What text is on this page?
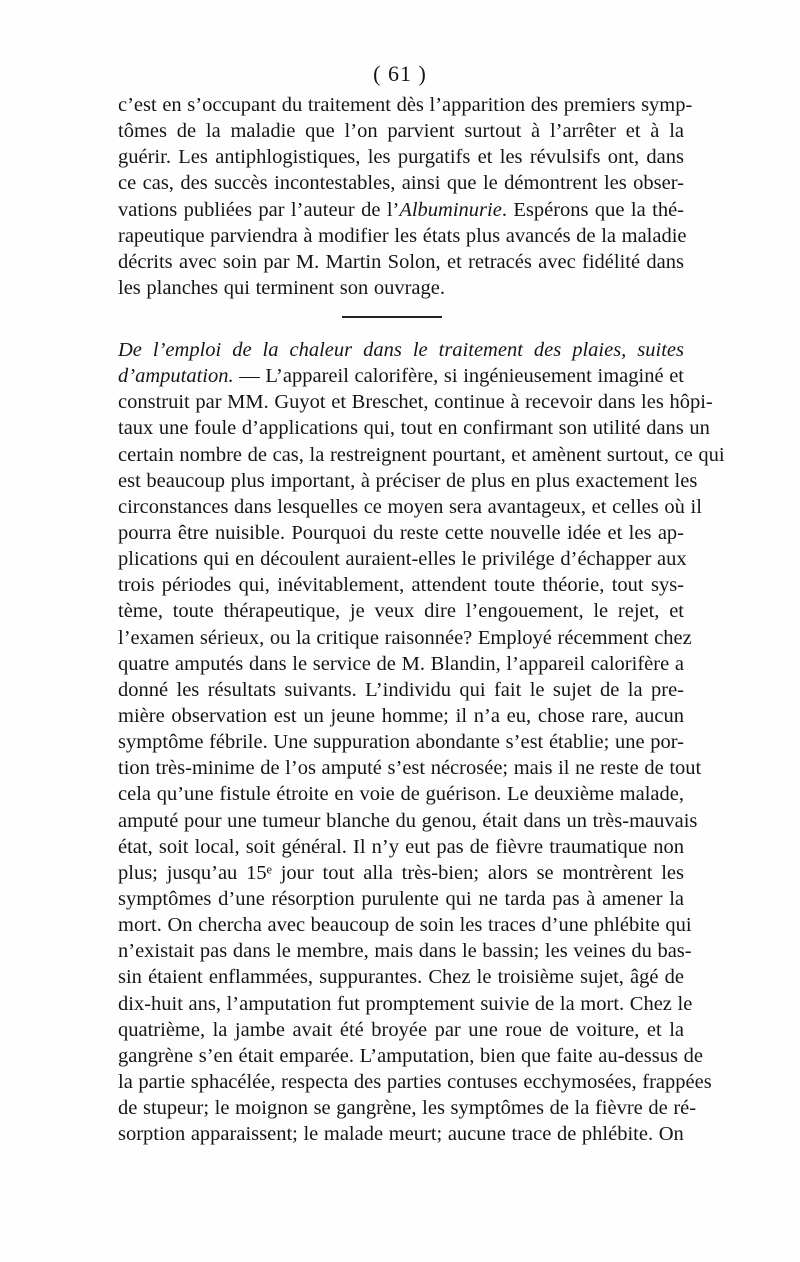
( 61 )
c’est en s’occupant du traitement dès l’apparition des premiers symp-
tômes de la maladie que l’on parvient surtout à l’arrêter et à la
guérir. Les antiphlogistiques, les purgatifs et les révulsifs ont, dans
ce cas, des succès incontestables, ainsi que le démontrent les obser-
vations publiées par l’auteur de l’Albuminurie. Espérons que la thé-
rapeutique parviendra à modifier les états plus avancés de la maladie
décrits avec soin par M. Martin Solon, et retracés avec fidélité dans
les planches qui terminent son ouvrage.
De l’emploi de la chaleur dans le traitement des plaies, suites
d’amputation. — L’appareil calorifère, si ingénieusement imaginé et
construit par MM. Guyot et Breschet, continue à recevoir dans les hôpi-
taux une foule d’applications qui, tout en confirmant son utilité dans un
certain nombre de cas, la restreignent pourtant, et amènent surtout, ce qui
est beaucoup plus important, à préciser de plus en plus exactement les
circonstances dans lesquelles ce moyen sera avantageux, et celles où il
pourra être nuisible. Pourquoi du reste cette nouvelle idée et les ap-
plications qui en découlent auraient-elles le privilége d’échapper aux
trois périodes qui, inévitablement, attendent toute théorie, tout sys-
tème, toute thérapeutique, je veux dire l’engouement, le rejet, et
l’examen sérieux, ou la critique raisonnée? Employé récemment chez
quatre amputés dans le service de M. Blandin, l’appareil calorifère a
donné les résultats suivants. L’individu qui fait le sujet de la pre-
mière observation est un jeune homme; il n’a eu, chose rare, aucun
symptôme fébrile. Une suppuration abondante s’est établie; une por-
tion très-minime de l’os amputé s’est nécrosée; mais il ne reste de tout
cela qu’une fistule étroite en voie de guérison. Le deuxième malade,
amputé pour une tumeur blanche du genou, était dans un très-mauvais
état, soit local, soit général. Il n’y eut pas de fièvre traumatique non
plus; jusqu’au 15ᵉ jour tout alla très-bien; alors se montrèrent les
symptômes d’une résorption purulente qui ne tarda pas à amener la
mort. On chercha avec beaucoup de soin les traces d’une phlébite qui
n’existait pas dans le membre, mais dans le bassin; les veines du bas-
sin étaient enflammées, suppurantes. Chez le troisième sujet, âgé de
dix-huit ans, l’amputation fut promptement suivie de la mort. Chez le
quatrième, la jambe avait été broyée par une roue de voiture, et la
gangrène s’en était emparée. L’amputation, bien que faite au-dessus de
la partie sphacélée, respecta des parties contuses ecchymosées, frappées
de stupeur; le moignon se gangrène, les symptômes de la fièvre de ré-
sorption apparaissent; le malade meurt; aucune trace de phlébite. On
